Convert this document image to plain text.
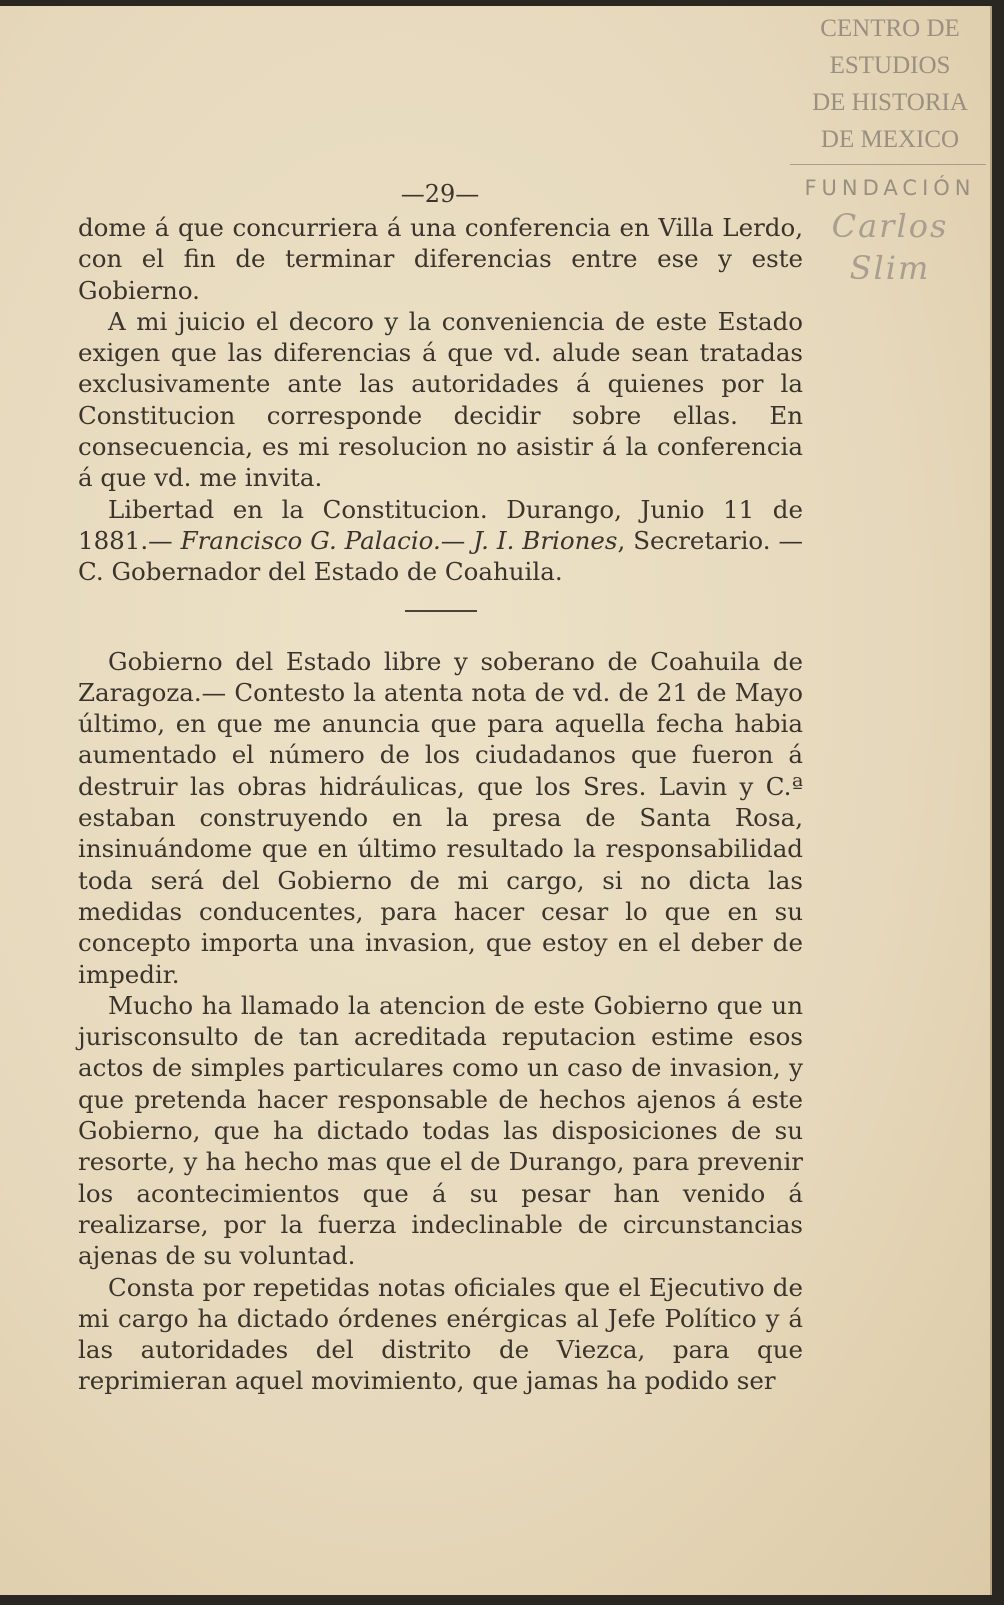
CENTRO DE
ESTUDIOS
DE HISTORIA
DE MEXICO
FUNDACIÓN
Carlos Slim
—29—

dome á que concurriera á una conferencia en Villa Lerdo, con el fin de terminar diferencias entre ese y este Gobierno.

A mi juicio el decoro y la conveniencia de este Estado exigen que las diferencias á que vd. alude sean tratadas exclusivamente ante las autoridades á quienes por la Constitucion corresponde decidir sobre ellas. En consecuencia, es mi resolucion no asistir á la conferencia á que vd. me invita.

Libertad en la Constitucion. Durango, Junio 11 de 1881.— Francisco G. Palacio.— J. I. Briones, Secretario. — C. Gobernador del Estado de Coahuila.

Gobierno del Estado libre y soberano de Coahuila de Zaragoza.— Contesto la atenta nota de vd. de 21 de Mayo último, en que me anuncia que para aquella fecha habia aumentado el número de los ciudadanos que fueron á destruir las obras hidráulicas, que los Sres. Lavin y C.ª estaban construyendo en la presa de Santa Rosa, insinuándome que en último resultado la responsabilidad toda será del Gobierno de mi cargo, si no dicta las medidas conducentes, para hacer cesar lo que en su concepto importa una invasion, que estoy en el deber de impedir.

Mucho ha llamado la atencion de este Gobierno que un jurisconsulto de tan acreditada reputacion estime esos actos de simples particulares como un caso de invasion, y que pretenda hacer responsable de hechos ajenos á este Gobierno, que ha dictado todas las disposiciones de su resorte, y ha hecho mas que el de Durango, para prevenir los acontecimientos que á su pesar han venido á realizarse, por la fuerza indeclinable de circunstancias ajenas de su voluntad.

Consta por repetidas notas oficiales que el Ejecutivo de mi cargo ha dictado órdenes enérgicas al Jefe Político y á las autoridades del distrito de Viezca, para que reprimieran aquel movimiento, que jamas ha podido ser
